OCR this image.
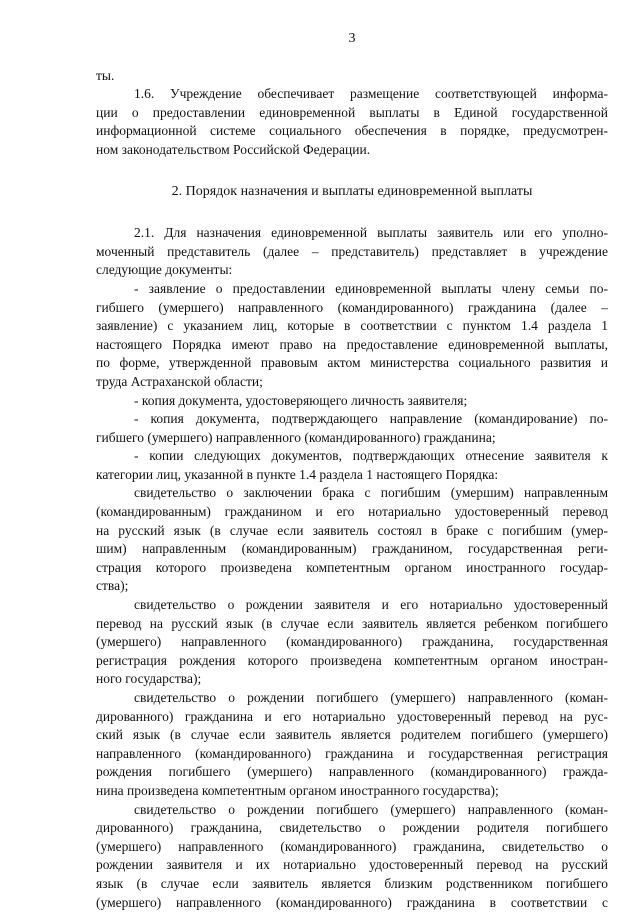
3
ты.
1.6. Учреждение обеспечивает размещение соответствующей информа-
ции о предоставлении единовременной выплаты в Единой государственной
информационной системе социального обеспечения в порядке, предусмотрен-
ном законодательством Российской Федерации.
2. Порядок назначения и выплаты единовременной выплаты
2.1. Для назначения единовременной выплаты заявитель или его уполно-
моченный представитель (далее – представитель) представляет в учреждение
следующие документы:
- заявление о предоставлении единовременной выплаты члену семьи по-
гибшего (умершего) направленного (командированного) гражданина (далее –
заявление) с указанием лиц, которые в соответствии с пунктом 1.4 раздела 1
настоящего Порядка имеют право на предоставление единовременной выплаты,
по форме, утвержденной правовым актом министерства социального развития и
труда Астраханской области;
- копия документа, удостоверяющего личность заявителя;
- копия документа, подтверждающего направление (командирование) по-
гибшего (умершего) направленного (командированного) гражданина;
- копии следующих документов, подтверждающих отнесение заявителя к
категории лиц, указанной в пункте 1.4 раздела 1 настоящего Порядка:
свидетельство о заключении брака с погибшим (умершим) направленным
(командированным) гражданином и его нотариально удостоверенный перевод
на русский язык (в случае если заявитель состоял в браке с погибшим (умер-
шим) направленным (командированным) гражданином, государственная реги-
страция которого произведена компетентным органом иностранного государ-
ства);
свидетельство о рождении заявителя и его нотариально удостоверенный
перевод на русский язык (в случае если заявитель является ребенком погибшего
(умершего) направленного (командированного) гражданина, государственная
регистрация рождения которого произведена компетентным органом иностран-
ного государства);
свидетельство о рождении погибшего (умершего) направленного (коман-
дированного) гражданина и его нотариально удостоверенный перевод на рус-
ский язык (в случае если заявитель является родителем погибшего (умершего)
направленного (командированного) гражданина и государственная регистрация
рождения погибшего (умершего) направленного (командированного) гражда-
нина произведена компетентным органом иностранного государства);
свидетельство о рождении погибшего (умершего) направленного (коман-
дированного) гражданина, свидетельство о рождении родителя погибшего
(умершего) направленного (командированного) гражданина, свидетельство о
рождении заявителя и их нотариально удостоверенный перевод на русский
язык (в случае если заявитель является близким родственником погибшего
(умершего) направленного (командированного) гражданина в соответствии с
